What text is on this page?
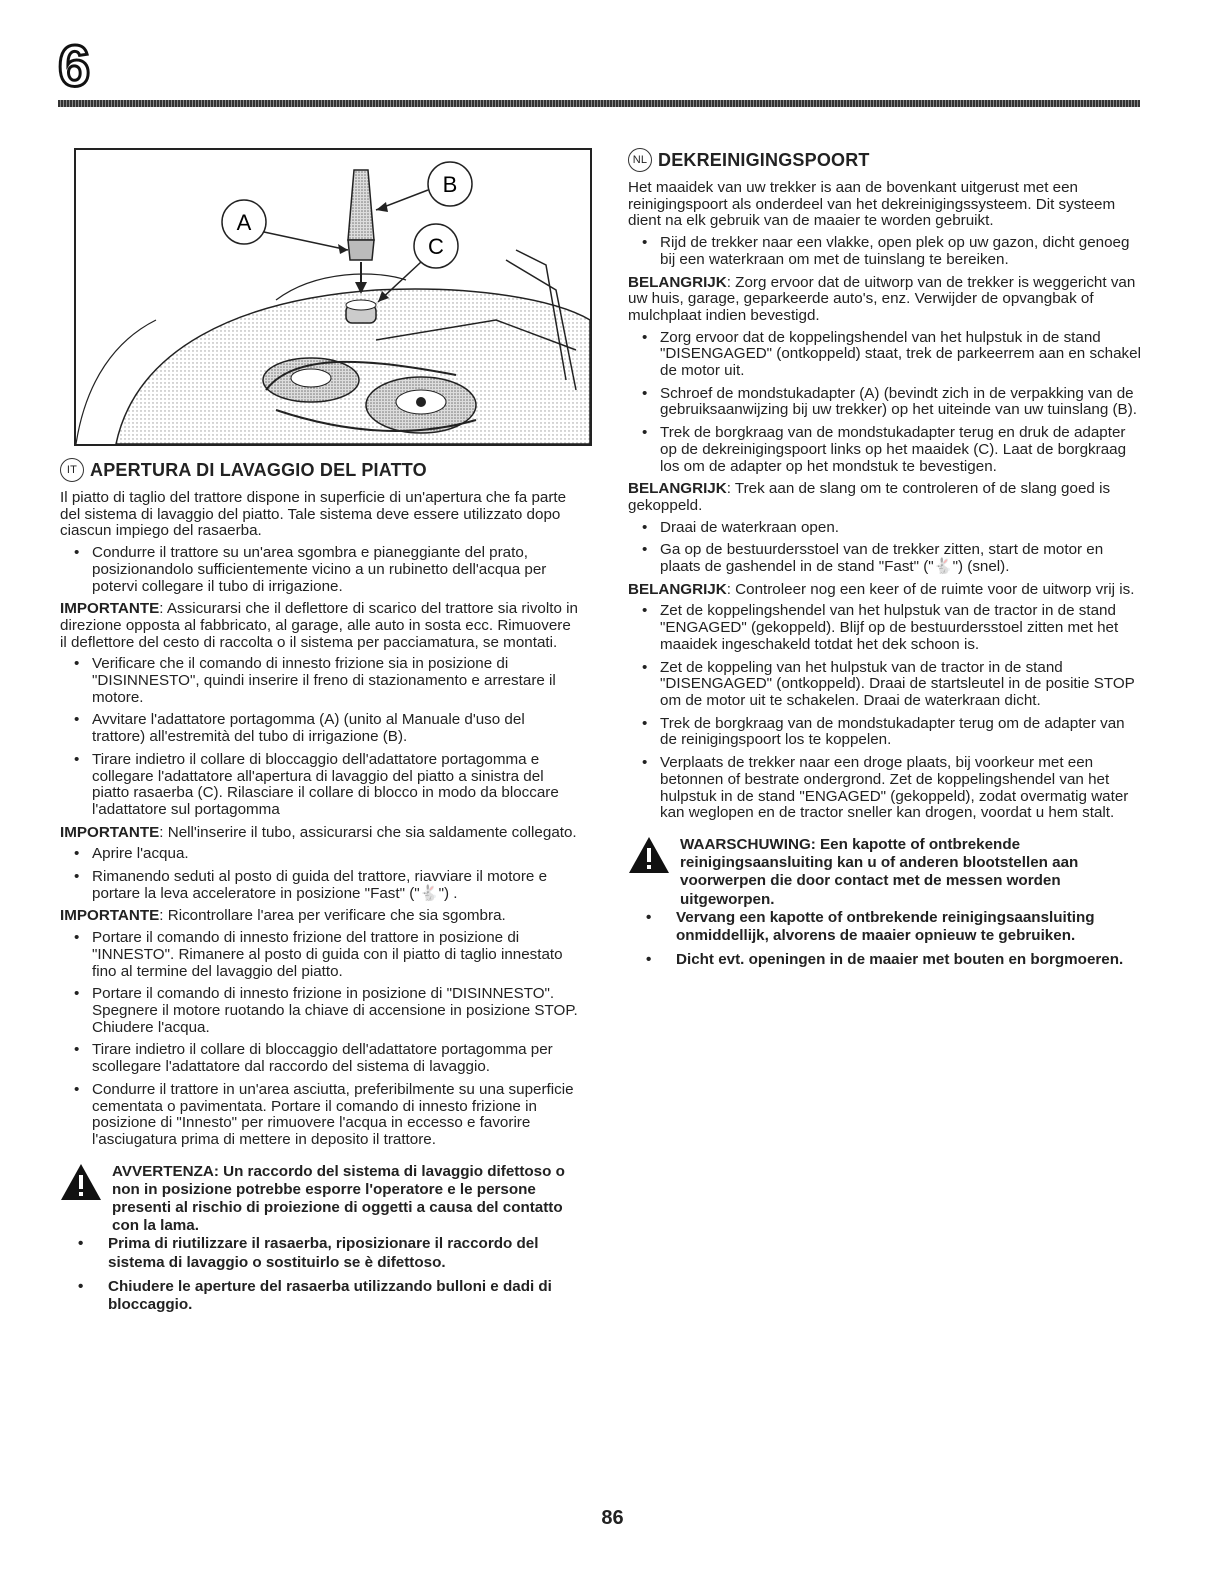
6
A
B
C
IT APERTURA DI LAVAGGIO DEL PIATTO

Il piatto di taglio del trattore dispone in superficie di un'apertura che fa parte del sistema di lavaggio del piatto. Tale sistema deve essere utilizzato dopo ciascun impiego del rasaerba.

• Condurre il trattore su un'area sgombra e pianeggiante del prato, posizionandolo sufficientemente vicino a un rubinetto dell'acqua per potervi collegare il tubo di irrigazione.

IMPORTANTE: Assicurarsi che il deflettore di scarico del trattore sia rivolto in direzione opposta al fabbricato, al garage, alle auto in sosta ecc. Rimuovere il deflettore del cesto di raccolta o il sistema per pacciamatura, se montati.

• Verificare che il comando di innesto frizione sia in posizione di "DISINNESTO", quindi inserire il freno di stazionamento e arrestare il motore.
• Avvitare l'adattatore portagomma (A) (unito al Manuale d'uso del trattore) all'estremità del tubo di irrigazione (B).
• Tirare indietro il collare di bloccaggio dell'adattatore portagomma e collegare l'adattatore all'apertura di lavaggio del piatto a sinistra del piatto rasaerba (C). Rilasciare il collare di blocco in modo da bloccare l'adattatore sul portagomma

IMPORTANTE: Nell'inserire il tubo, assicurarsi che sia saldamente collegato.

• Aprire l'acqua.
• Rimanendo seduti al posto di guida del trattore, riavviare il motore e portare la leva acceleratore in posizione "Fast" ("🐇") .

IMPORTANTE: Ricontrollare l'area per verificare che sia sgombra.

• Portare il comando di innesto frizione del trattore in posizione di "INNESTO". Rimanere al posto di guida con il piatto di taglio innestato fino al termine del lavaggio del piatto.
• Portare il comando di innesto frizione in posizione di "DISINNESTO". Spegnere il motore ruotando la chiave di accensione in posizione STOP. Chiudere l'acqua.
• Tirare indietro il collare di bloccaggio dell'adattatore portagomma per scollegare l'adattatore dal raccordo del sistema di lavaggio.
• Condurre il trattore in un'area asciutta, preferibilmente su una superficie cementata o pavimentata. Portare il comando di innesto frizione in posizione di "Innesto" per rimuovere l'acqua in eccesso e favorire l'asciugatura prima di mettere in deposito il trattore.
AVVERTENZA: Un raccordo del sistema di lavaggio difettoso o non in posizione potrebbe esporre l'operatore e le persone presenti al rischio di proiezione di oggetti a causa del contatto con la lama.
• Prima di riutilizzare il rasaerba, riposizionare il raccordo del sistema di lavaggio o sostituirlo se è difettoso.
• Chiudere le aperture del rasaerba utilizzando bulloni e dadi di bloccaggio.
NL DEKREINIGINGSPOORT

Het maaidek van uw trekker is aan de bovenkant uitgerust met een reinigingspoort als onderdeel van het dekreinigingssysteem. Dit systeem dient na elk gebruik van de maaier te worden gebruikt.

• Rijd de trekker naar een vlakke, open plek op uw gazon, dicht genoeg bij een waterkraan om met de tuinslang te bereiken.

BELANGRIJK: Zorg ervoor dat de uitworp van de trekker is weggericht van uw huis, garage, geparkeerde auto's, enz. Verwijder de opvangbak of mulchplaat indien bevestigd.

• Zorg ervoor dat de koppelingshendel van het hulpstuk in de stand "DISENGAGED" (ontkoppeld) staat, trek de parkeerrem aan en schakel de motor uit.
• Schroef de mondstukadapter (A) (bevindt zich in de verpakking van de gebruiksaanwijzing bij uw trekker) op het uiteinde van uw tuinslang (B).
• Trek de borgkraag van de mondstukadapter terug en druk de adapter op de dekreinigingspoort links op het maaidek (C). Laat de borgkraag los om de adapter op het mondstuk te bevestigen.

BELANGRIJK: Trek aan de slang om te controleren of de slang goed is gekoppeld.

• Draai de waterkraan open.
• Ga op de bestuurdersstoel van de trekker zitten, start de motor en plaats de gashendel in de stand "Fast" ("🐇") (snel).

BELANGRIJK: Controleer nog een keer of de ruimte voor de uitworp vrij is.

• Zet de koppelingshendel van het hulpstuk van de tractor in de stand "ENGAGED" (gekoppeld). Blijf op de bestuurdersstoel zitten met het maaidek ingeschakeld totdat het dek schoon is.
• Zet de koppeling van het hulpstuk van de tractor in de stand "DISENGAGED" (ontkoppeld). Draai de startsleutel in de positie STOP om de motor uit te schakelen. Draai de waterkraan dicht.
• Trek de borgkraag van de mondstukadapter terug om de adapter van de reinigingspoort los te koppelen.
• Verplaats de trekker naar een droge plaats, bij voorkeur met een betonnen of bestrate ondergrond. Zet de koppelingshendel van het hulpstuk in de stand "ENGAGED" (gekoppeld), zodat overmatig water kan weglopen en de tractor sneller kan drogen, voordat u hem stalt.
WAARSCHUWING: Een kapotte of ontbrekende reinigingsaansluiting kan u of anderen blootstellen aan voorwerpen die door contact met de messen worden uitgeworpen.
• Vervang een kapotte of ontbrekende reinigingsaansluiting onmiddellijk, alvorens de maaier opnieuw te gebruiken.
• Dicht evt. openingen in de maaier met bouten en borgmoeren.
86
